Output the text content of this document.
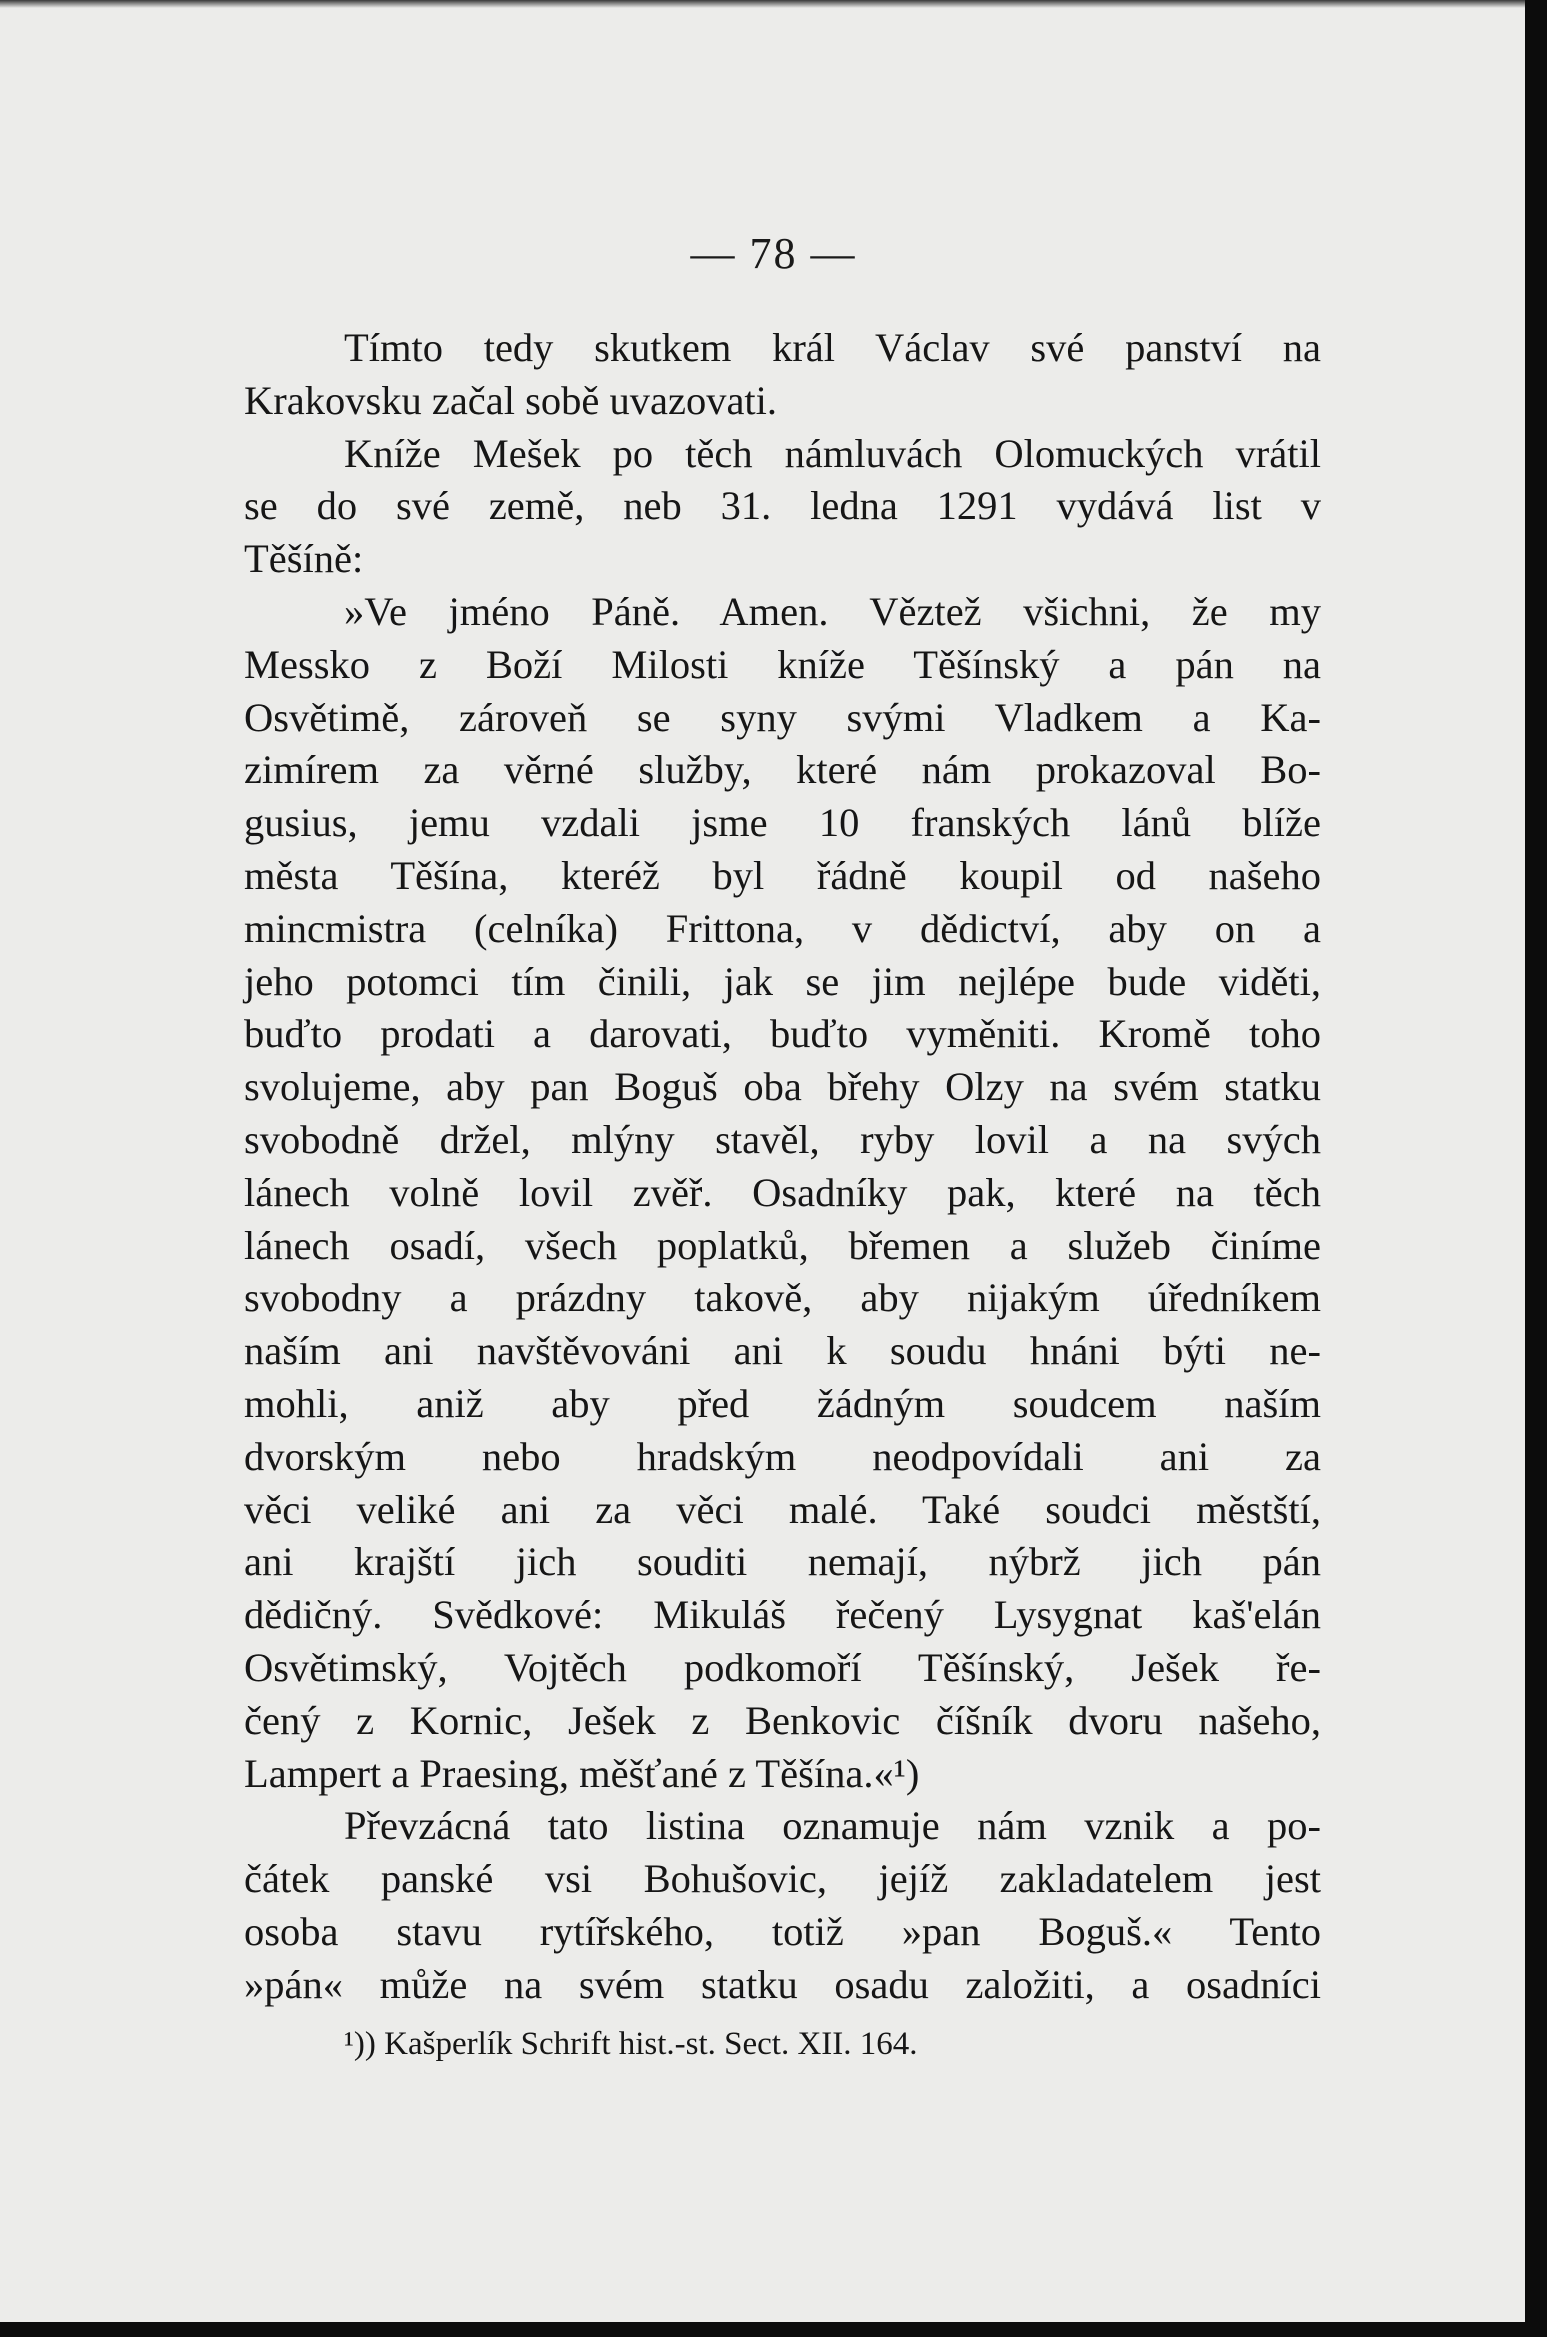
— 78 —
Tímto tedy skutkem král Václav své panství na
Krakovsku začal sobě uvazovati.
Kníže Mešek po těch námluvách Olomuckých vrátil
se do své země, neb 31. ledna 1291 vydává list v
Těšíně:
»Ve jméno Páně. Amen. Věztež všichni, že my
Messko z Boží Milosti kníže Těšínský a pán na
Osvětimě, zároveň se syny svými Vladkem a Ka-
zimírem za věrné služby, které nám prokazoval Bo-
gusius, jemu vzdali jsme 10 franských lánů blíže
města Těšína, kteréž byl řádně koupil od našeho
mincmistra (celníka) Frittona, v dědictví, aby on a
jeho potomci tím činili, jak se jim nejlépe bude viděti,
buďto prodati a darovati, buďto vyměniti. Kromě toho
svolujeme, aby pan Boguš oba břehy Olzy na svém statku
svobodně držel, mlýny stavěl, ryby lovil a na svých
lánech volně lovil zvěř. Osadníky pak, které na těch
lánech osadí, všech poplatků, břemen a služeb činíme
svobodny a prázdny takově, aby nijakým úředníkem
naším ani navštěvováni ani k soudu hnáni býti ne-
mohli, aniž aby před žádným soudcem naším
dvorským nebo hradským neodpovídali ani za
věci veliké ani za věci malé. Také soudci městští,
ani krajští jich souditi nemají, nýbrž jich pán
dědičný. Svědkové: Mikuláš řečený Lysygnat kaš'elán
Osvětimský, Vojtěch podkomoří Těšínský, Ješek ře-
čený z Kornic, Ješek z Benkovic číšník dvoru našeho,
Lampert a Praesing, měšťané z Těšína.«¹)
Převzácná tato listina oznamuje nám vznik a po-
čátek panské vsi Bohušovic, jejíž zakladatelem jest
osoba stavu rytířského, totiž »pan Boguš.« Tento
»pán« může na svém statku osadu založiti, a osadníci
¹)) Kašperlík Schrift hist.-st. Sect. XII. 164.
